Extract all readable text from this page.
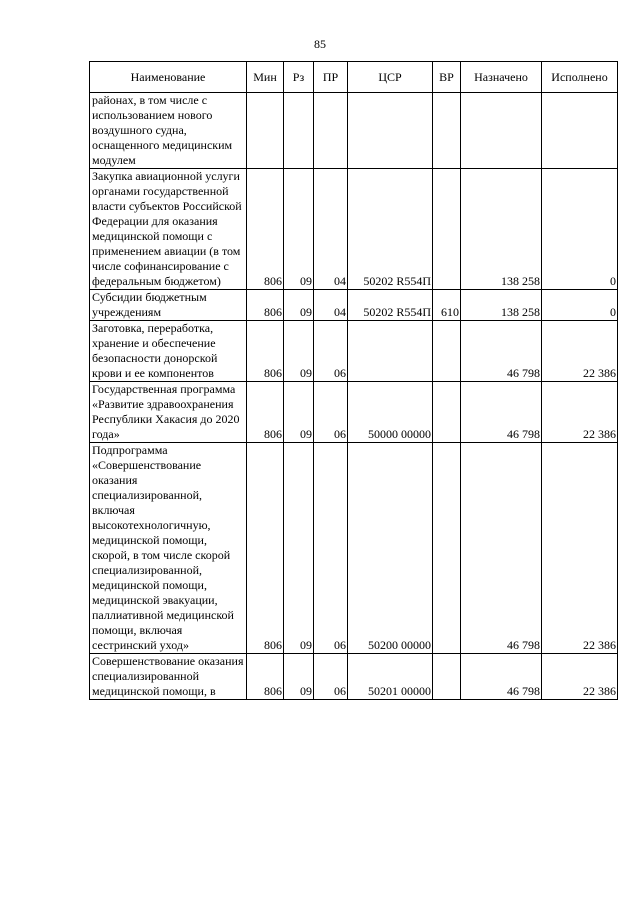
85
Наименование	Мин	Рз	ПР	ЦСР	ВР	Назначено	Исполнено
районах, в том числе с использованием нового воздушного судна, оснащенного медицинским модулем							
Закупка авиационной услуги органами государственной власти субъектов Российской Федерации для оказания медицинской помощи с применением авиации (в том числе софинансирование с федеральным бюджетом)	806	09	04	50202 R554П		138 258	0
Субсидии бюджетным учреждениям	806	09	04	50202 R554П	610	138 258	0
Заготовка, переработка, хранение и обеспечение безопасности донорской крови и ее компонентов	806	09	06			46 798	22 386
Государственная программа «Развитие здравоохранения Республики Хакасия до 2020 года»	806	09	06	50000 00000		46 798	22 386
Подпрограмма «Совершенствование оказания специализированной, включая высокотехнологичную, медицинской помощи, скорой, в том числе скорой специализированной, медицинской помощи, медицинской эвакуации, паллиативной медицинской помощи, включая сестринский уход»	806	09	06	50200 00000		46 798	22 386
Совершенствование оказания специализированной медицинской помощи, в	806	09	06	50201 00000		46 798	22 386
